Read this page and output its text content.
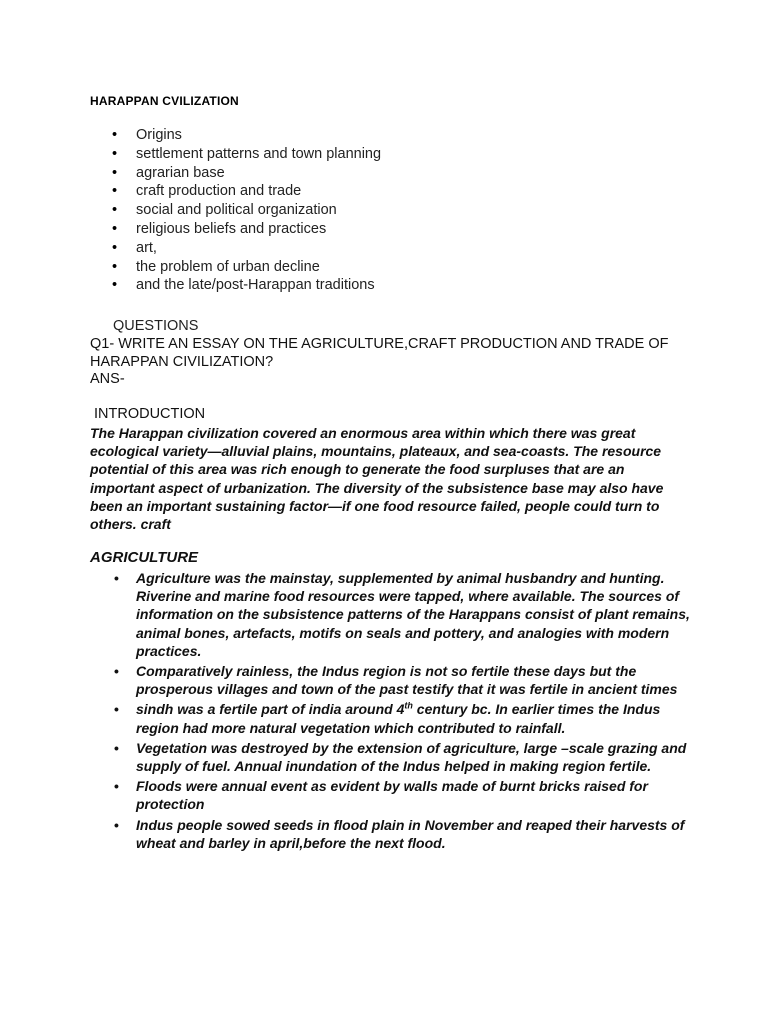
HARAPPAN CVILIZATION
• Origins
• settlement patterns and town planning
• agrarian base
• craft production and trade
• social and political organization
• religious beliefs and practices
• art,
• the problem of urban decline
• and the late/post-Harappan traditions
QUESTIONS
Q1- WRITE AN ESSAY ON THE AGRICULTURE,CRAFT PRODUCTION AND TRADE OF HARAPPAN CIVILIZATION?
ANS-
INTRODUCTION
The Harappan civilization covered an enormous area within which there was great ecological variety—alluvial plains, mountains, plateaux, and sea-coasts. The resource potential of this area was rich enough to generate the food surpluses that are an important aspect of urbanization. The diversity of the subsistence base may also have been an important sustaining factor—if one food resource failed, people could turn to others. craft
AGRICULTURE
• Agriculture was the mainstay, supplemented by animal husbandry and hunting. Riverine and marine food resources were tapped, where available. The sources of information on the subsistence patterns of the Harappans consist of plant remains, animal bones, artefacts, motifs on seals and pottery, and analogies with modern practices.
• Comparatively rainless, the Indus region is not so fertile these days but the prosperous villages and town of the past testify that it was fertile in ancient times
• sindh was a fertile part of india around 4th century bc. In earlier times the Indus region had more natural vegetation which contributed to rainfall.
• Vegetation was destroyed by the extension of agriculture, large –scale grazing and supply of fuel. Annual inundation of the Indus helped in making region fertile.
• Floods were annual event as evident by walls made of burnt bricks raised for protection
• Indus people sowed seeds in flood plain in November and reaped their harvests of wheat and barley in april,before the next flood.
